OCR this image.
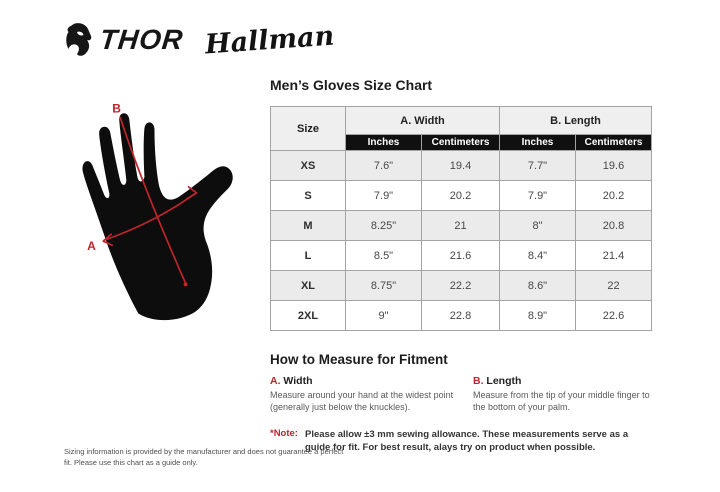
THOR Hallman
B
A
Men’s Gloves Size Chart
Size	A. Width		B. Length	
	Inches	Centimeters	Inches	Centimeters
XS	7.6"	19.4	7.7"	19.6
S	7.9"	20.2	7.9"	20.2
M	8.25"	21	8"	20.8
L	8.5"	21.6	8.4"	21.4
XL	8.75"	22.2	8.6"	22
2XL	9"	22.8	8.9"	22.6
How to Measure for Fitment
A. Width
Measure around your hand at the widest point (generally just below the knuckles).
B. Length
Measure from the tip of your middle finger to the bottom of your palm.
*Note: Please allow ±3 mm sewing allowance. These measurements serve as a guide for fit. For best result, alays try on product when possible.
Sizing information is provided by the manufacturer and does not guarantee a perfect fit. Please use this chart as a guide only.
